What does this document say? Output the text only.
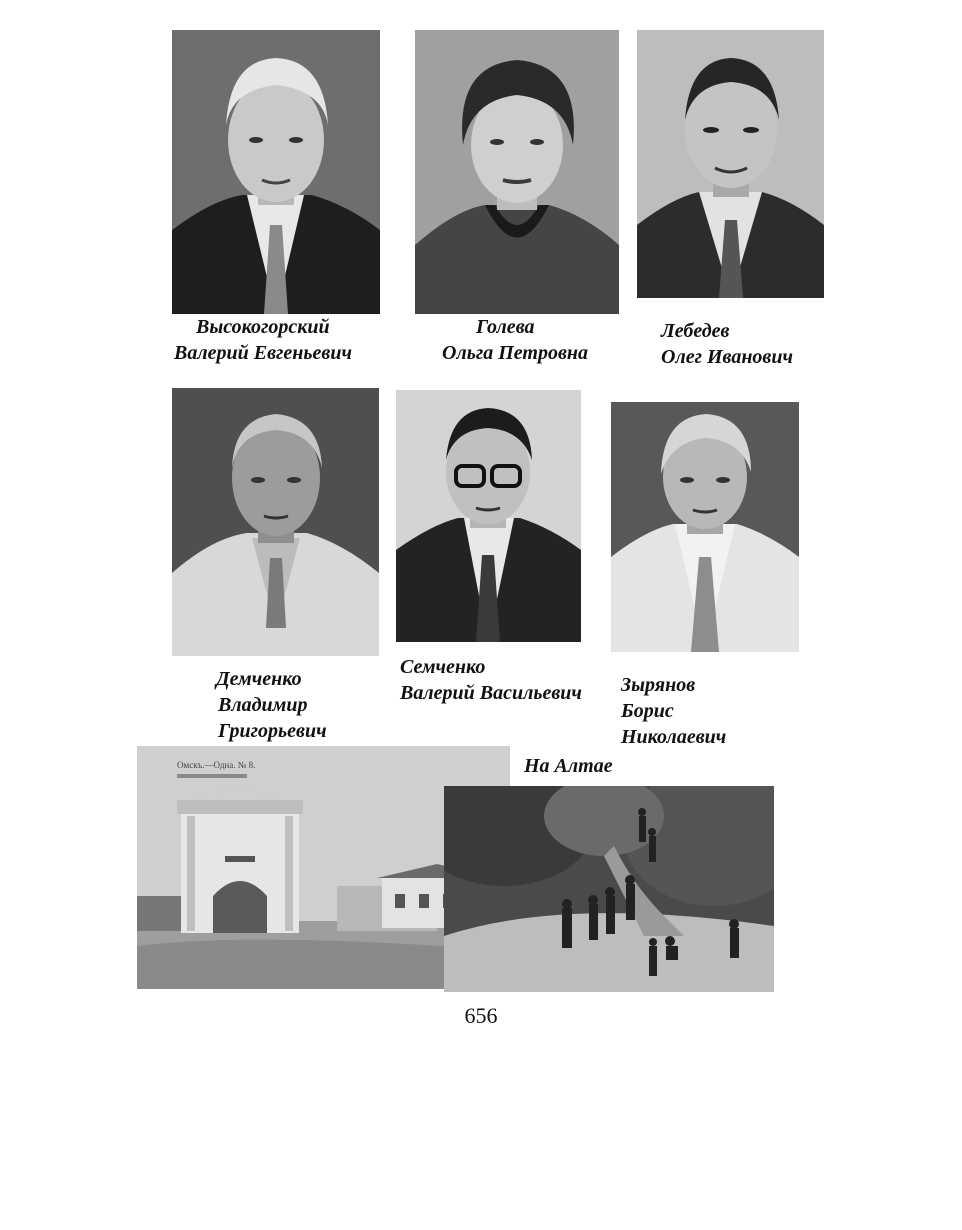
Высокогорский
Валерий Евгеньевич
Голева
Ольга Петровна
Лебедев
Олег Иванович
Демченко
Владимир
Григорьевич
Семченко
Валерий Васильевич Зырянов
Борис
Николаевич
Омскъ.—Одна. № 8.	На Алтае
656
